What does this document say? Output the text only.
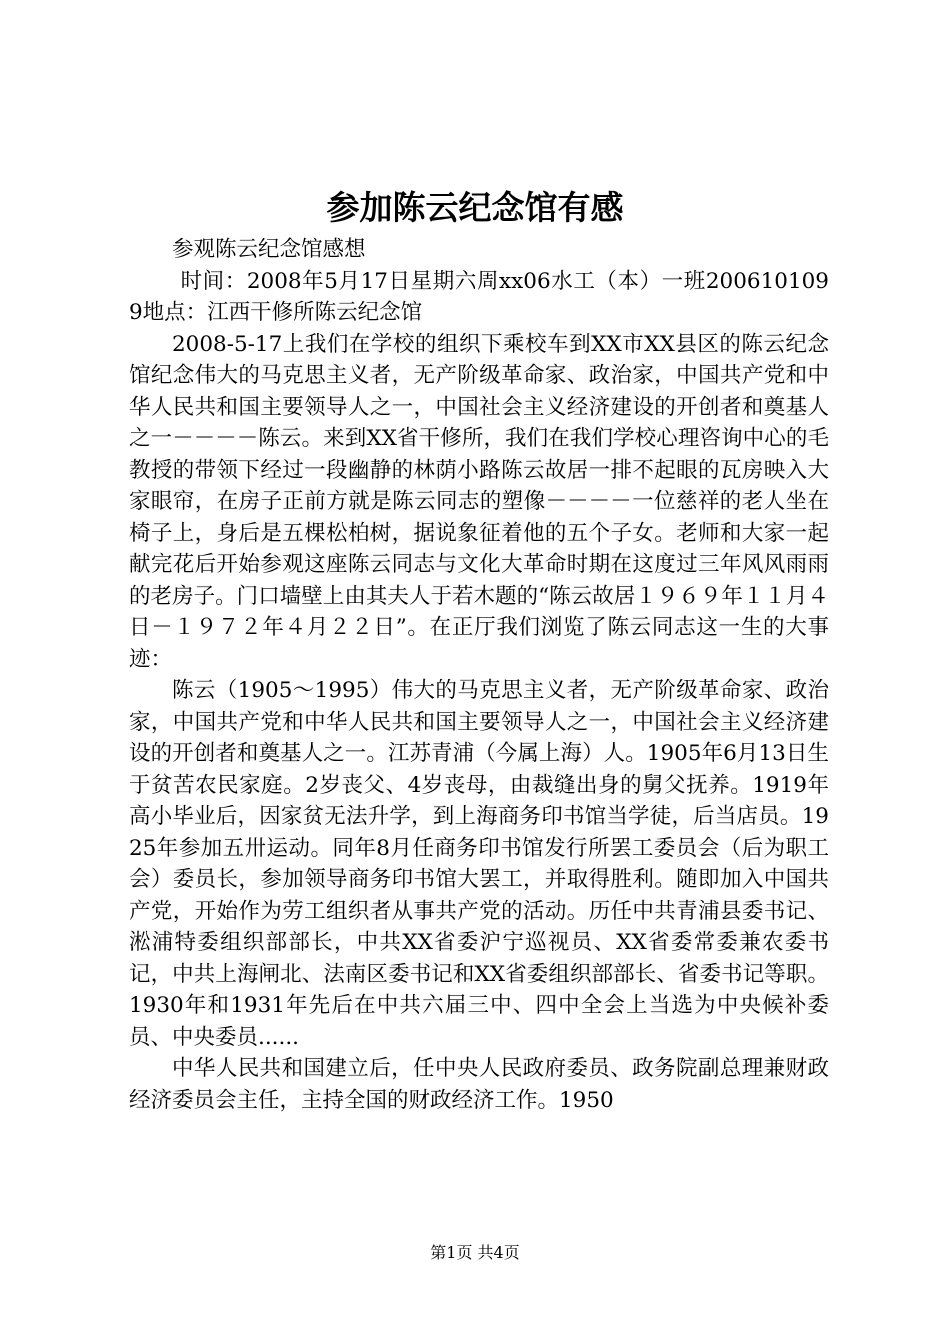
参加陈云纪念馆有感

参观陈云纪念馆感想

时间：2008年5月17日星期六周xx06水工（本）一班2006101099地点：江西干修所陈云纪念馆

2008-5-17上我们在学校的组织下乘校车到XX市XX县区的陈云纪念馆纪念伟大的马克思主义者，无产阶级革命家、政治家，中国共产党和中华人民共和国主要领导人之一，中国社会主义经济建设的开创者和奠基人之一－－－－陈云。来到XX省干修所，我们在我们学校心理咨询中心的毛教授的带领下经过一段幽静的林荫小路陈云故居一排不起眼的瓦房映入大家眼帘，在房子正前方就是陈云同志的塑像－－－－一位慈祥的老人坐在椅子上，身后是五棵松柏树，据说象征着他的五个子女。老师和大家一起献完花后开始参观这座陈云同志与文化大革命时期在这度过三年风风雨雨的老房子。门口墙壁上由其夫人于若木题的“陈云故居１９６９年１１月４日－１９７２年４月２２日”。在正厅我们浏览了陈云同志这一生的大事迹：

陈云（1905～1995）伟大的马克思主义者，无产阶级革命家、政治家，中国共产党和中华人民共和国主要领导人之一，中国社会主义经济建设的开创者和奠基人之一。江苏青浦（今属上海）人。1905年6月13日生于贫苦农民家庭。2岁丧父、4岁丧母，由裁缝出身的舅父抚养。1919年高小毕业后，因家贫无法升学，到上海商务印书馆当学徒，后当店员。1925年参加五卅运动。同年8月任商务印书馆发行所罢工委员会（后为职工会）委员长，参加领导商务印书馆大罢工，并取得胜利。随即加入中国共产党，开始作为劳工组织者从事共产党的活动。历任中共青浦县委书记、淞浦特委组织部部长，中共XX省委沪宁巡视员、XX省委常委兼农委书记，中共上海闸北、法南区委书记和XX省委组织部部长、省委书记等职。1930年和1931年先后在中共六届三中、四中全会上当选为中央候补委员、中央委员......

中华人民共和国建立后，任中央人民政府委员、政务院副总理兼财政经济委员会主任，主持全国的财政经济工作。1950

第1页 共4页
